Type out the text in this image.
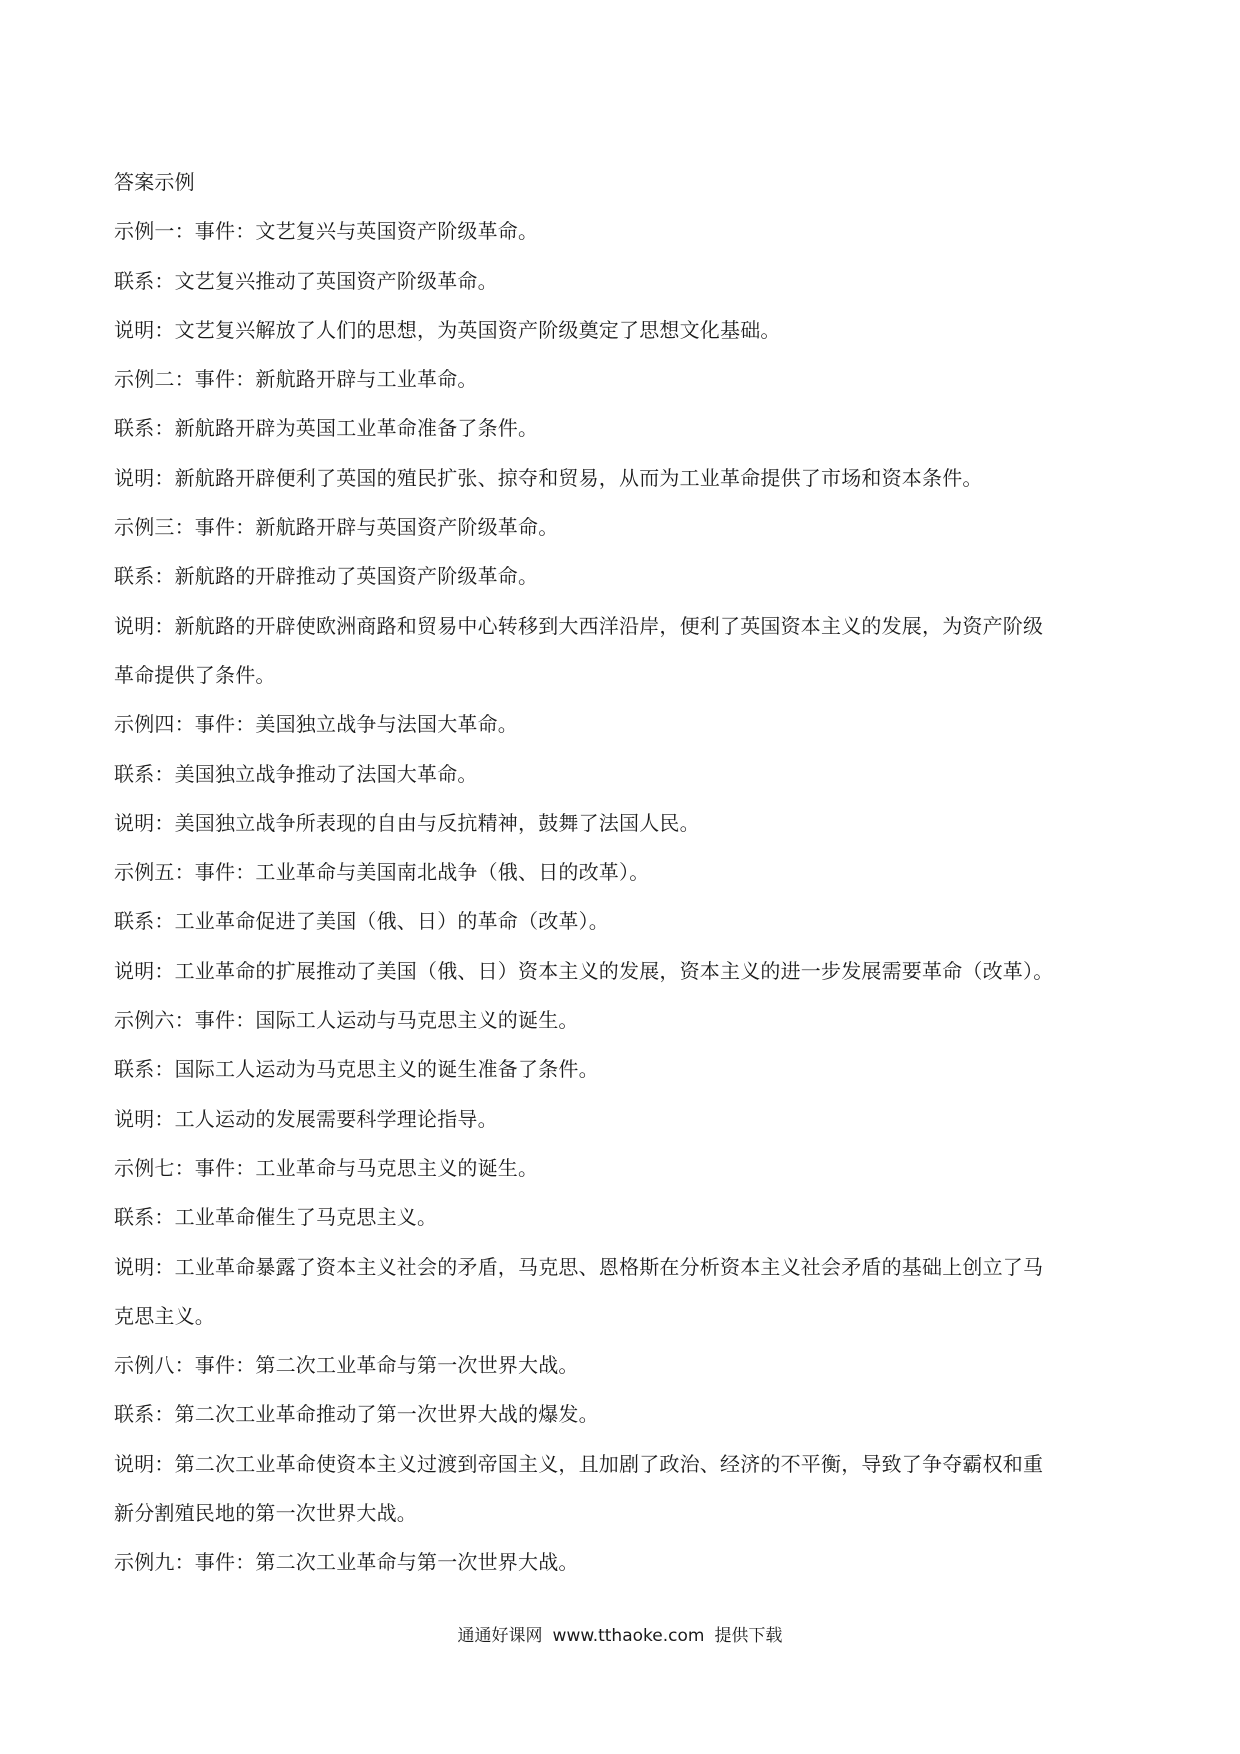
答案示例
示例一：事件：文艺复兴与英国资产阶级革命。
联系：文艺复兴推动了英国资产阶级革命。
说明：文艺复兴解放了人们的思想，为英国资产阶级奠定了思想文化基础。
示例二：事件：新航路开辟与工业革命。
联系：新航路开辟为英国工业革命准备了条件。
说明：新航路开辟便利了英国的殖民扩张、掠夺和贸易，从而为工业革命提供了市场和资本条件。
示例三：事件：新航路开辟与英国资产阶级革命。
联系：新航路的开辟推动了英国资产阶级革命。
说明：新航路的开辟使欧洲商路和贸易中心转移到大西洋沿岸，便利了英国资本主义的发展，为资产阶级
革命提供了条件。
示例四：事件：美国独立战争与法国大革命。
联系：美国独立战争推动了法国大革命。
说明：美国独立战争所表现的自由与反抗精神，鼓舞了法国人民。
示例五：事件：工业革命与美国南北战争（俄、日的改革）。
联系：工业革命促进了美国（俄、日）的革命（改革）。
说明：工业革命的扩展推动了美国（俄、日）资本主义的发展，资本主义的进一步发展需要革命（改革）。
示例六：事件：国际工人运动与马克思主义的诞生。
联系：国际工人运动为马克思主义的诞生准备了条件。
说明：工人运动的发展需要科学理论指导。
示例七：事件：工业革命与马克思主义的诞生。
联系：工业革命催生了马克思主义。
说明：工业革命暴露了资本主义社会的矛盾，马克思、恩格斯在分析资本主义社会矛盾的基础上创立了马
克思主义。
示例八：事件：第二次工业革命与第一次世界大战。
联系：第二次工业革命推动了第一次世界大战的爆发。
说明：第二次工业革命使资本主义过渡到帝国主义，且加剧了政治、经济的不平衡，导致了争夺霸权和重
新分割殖民地的第一次世界大战。
示例九：事件：第二次工业革命与第一次世界大战。
通通好课网 www.tthaoke.com 提供下载
